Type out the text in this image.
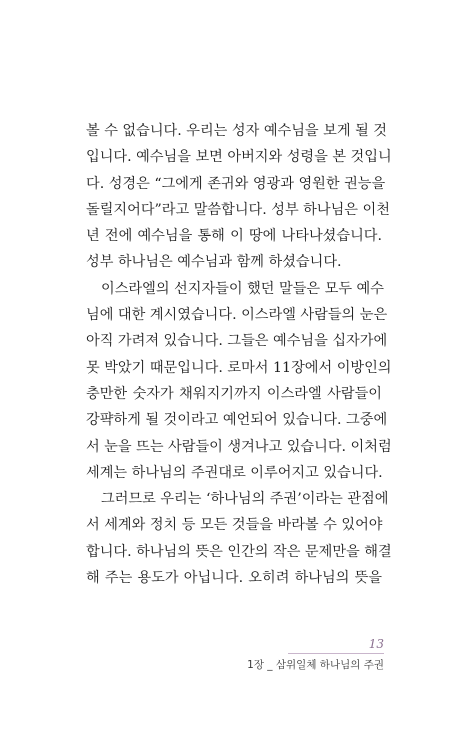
볼 수 없습니다. 우리는 성자 예수님을 보게 될 것
입니다. 예수님을 보면 아버지와 성령을 본 것입니
다. 성경은 “그에게 존귀와 영광과 영원한 권능을
돌릴지어다”라고 말씀합니다. 성부 하나님은 이천
년 전에 예수님을 통해 이 땅에 나타나셨습니다.
성부 하나님은 예수님과 함께 하셨습니다.
이스라엘의 선지자들이 했던 말들은 모두 예수
님에 대한 계시였습니다. 이스라엘 사람들의 눈은
아직 가려져 있습니다. 그들은 예수님을 십자가에
못 박았기 때문입니다. 로마서 11장에서 이방인의
충만한 숫자가 채워지기까지 이스라엘 사람들이
강퍅하게 될 것이라고 예언되어 있습니다. 그중에
서 눈을 뜨는 사람들이 생겨나고 있습니다. 이처럼
세계는 하나님의 주권대로 이루어지고 있습니다.
그러므로 우리는 ‘하나님의 주권’이라는 관점에
서 세계와 정치 등 모든 것들을 바라볼 수 있어야
합니다. 하나님의 뜻은 인간의 작은 문제만을 해결
해 주는 용도가 아닙니다. 오히려 하나님의 뜻을
13
1장 _ 삼위일체 하나님의 주권
